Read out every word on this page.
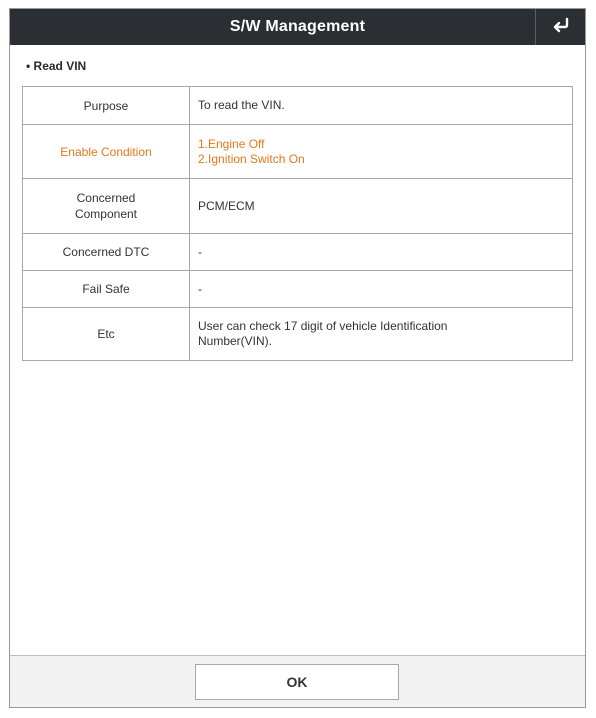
S/W Management
• Read VIN
Purpose	To read the VIN.

Enable Condition	1.Engine Off
2.Ignition Switch On

Concerned
Component	PCM/ECM

Concerned DTC	-

Fail Safe	-

Etc	User can check 17 digit of vehicle Identification
Number(VIN).
OK
